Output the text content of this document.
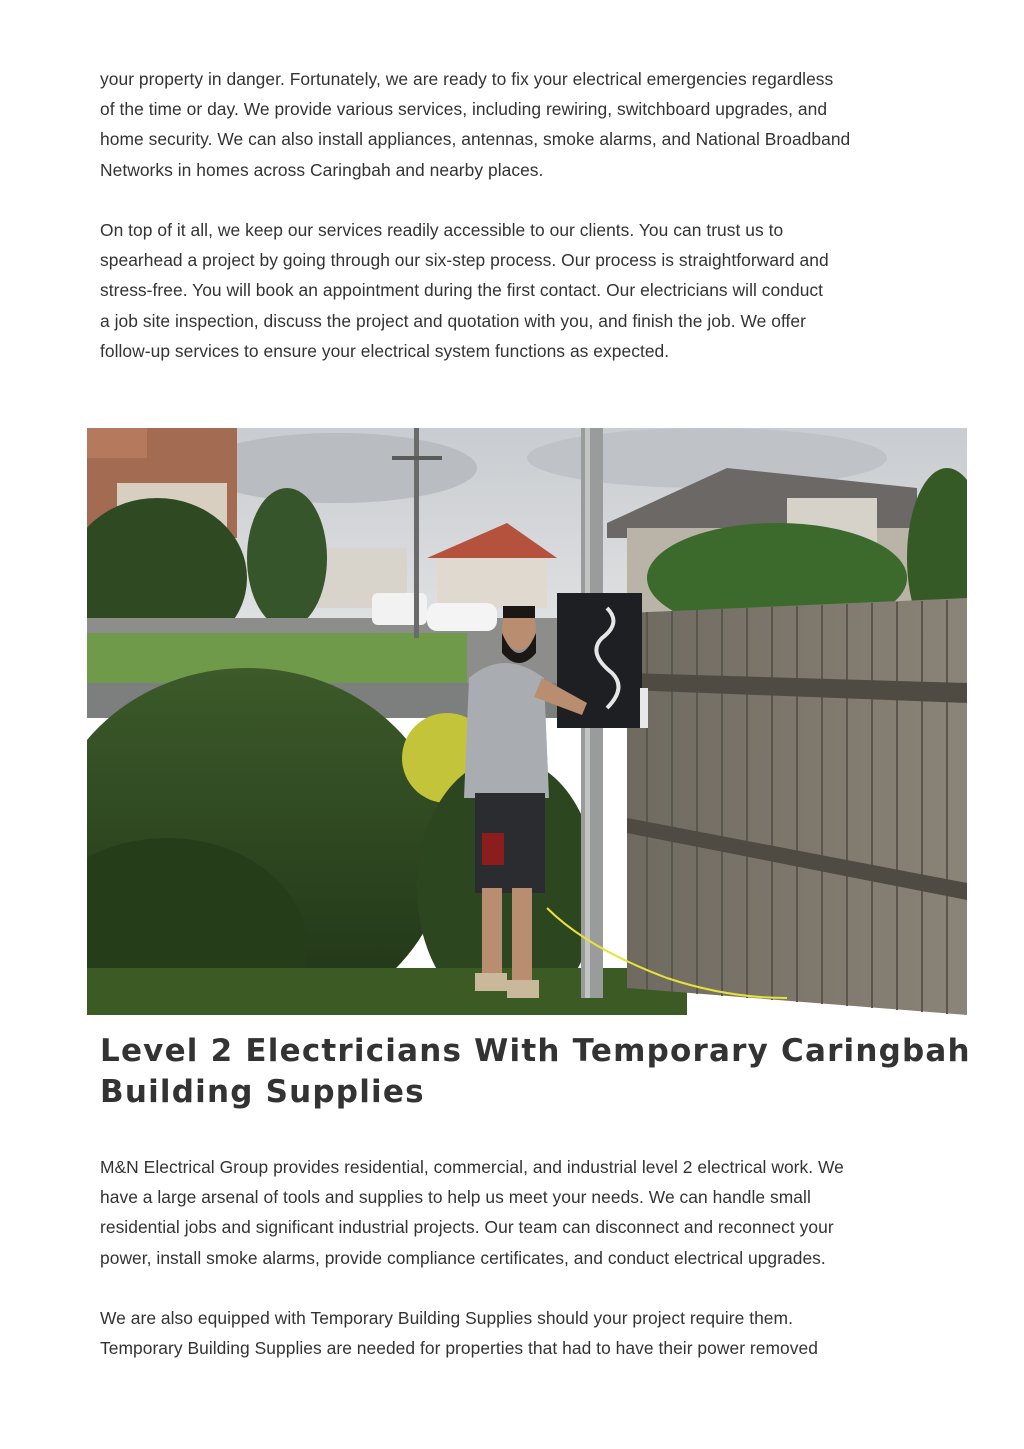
your property in danger. Fortunately, we are ready to fix your electrical emergencies regardless
of the time or day. We provide various services, including rewiring, switchboard upgrades, and
home security. We can also install appliances, antennas, smoke alarms, and National Broadband
Networks in homes across Caringbah and nearby places.

On top of it all, we keep our services readily accessible to our clients. You can trust us to
spearhead a project by going through our six-step process. Our process is straightforward and
stress-free. You will book an appointment during the first contact. Our electricians will conduct
a job site inspection, discuss the project and quotation with you, and finish the job. We offer
follow-up services to ensure your electrical system functions as expected.

Level 2 Electricians With Temporary Caringbah
Building Supplies

M&N Electrical Group provides residential, commercial, and industrial level 2 electrical work. We
have a large arsenal of tools and supplies to help us meet your needs. We can handle small
residential jobs and significant industrial projects. Our team can disconnect and reconnect your
power, install smoke alarms, provide compliance certificates, and conduct electrical upgrades.

We are also equipped with Temporary Building Supplies should your project require them.
Temporary Building Supplies are needed for properties that had to have their power removed
